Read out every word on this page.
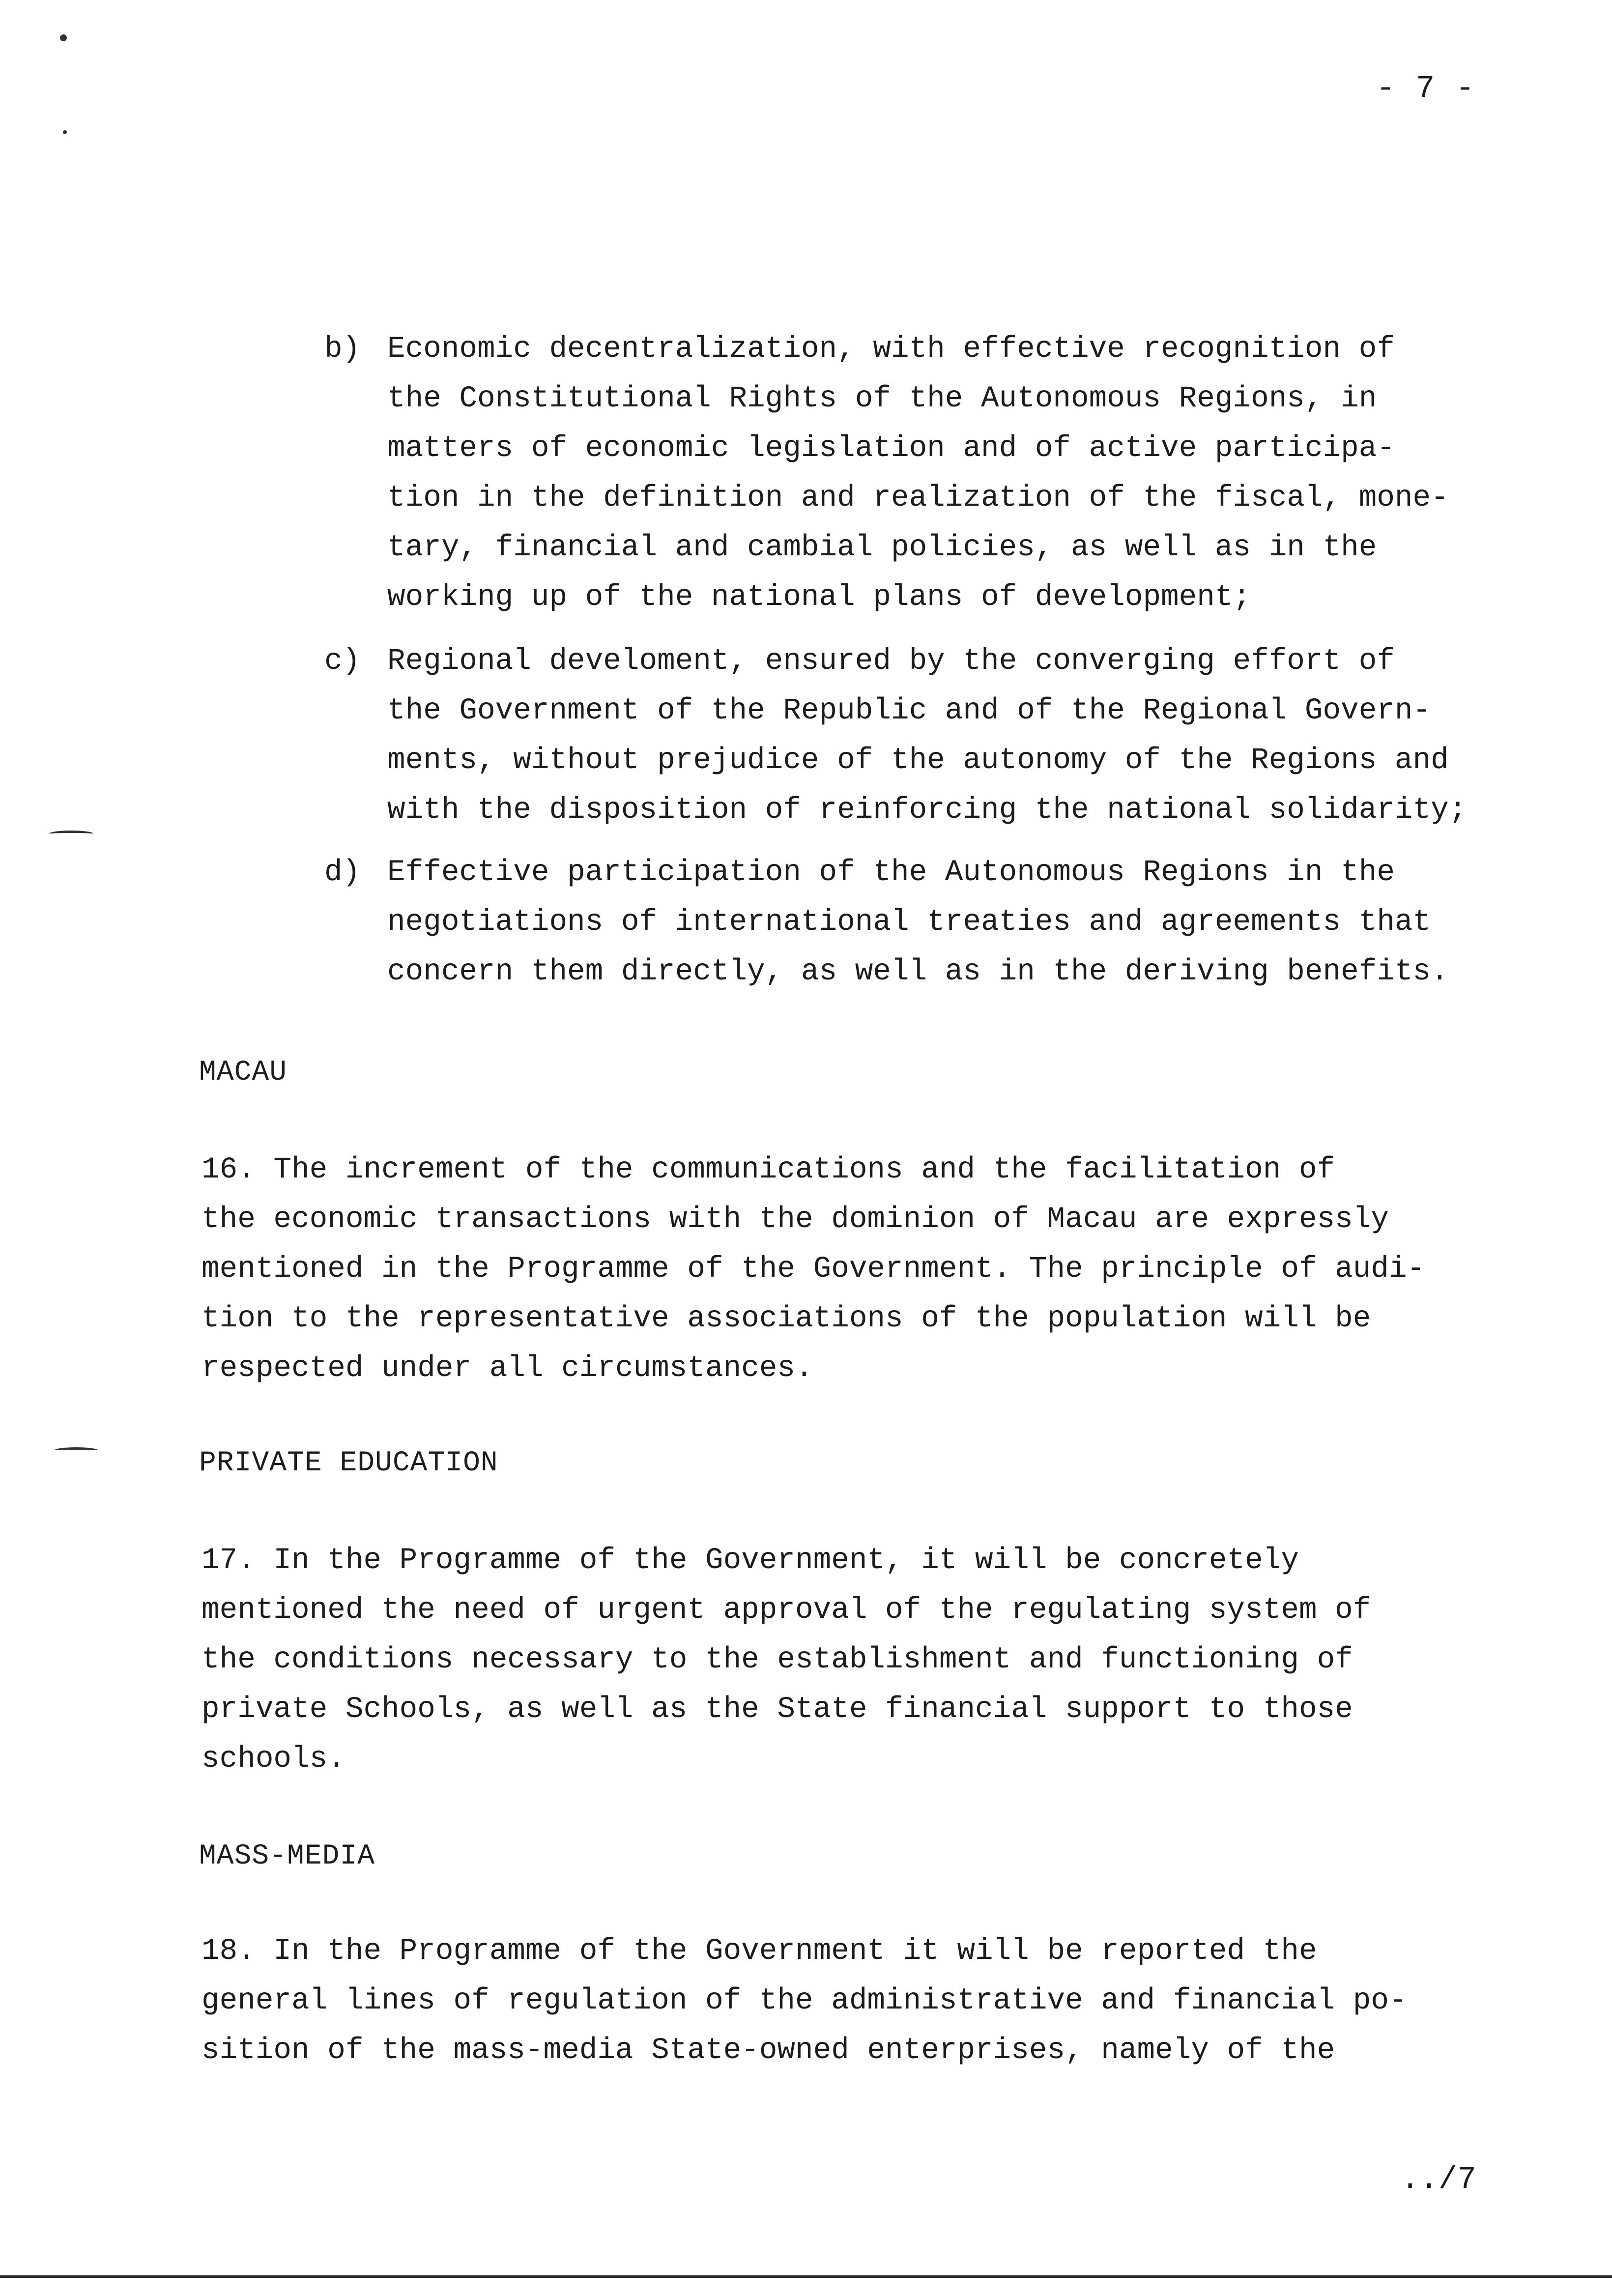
- 7 -
b) Economic decentralization, with effective recognition of
the Constitutional Rights of the Autonomous Regions, in
matters of economic legislation and of active participa-
tion in the definition and realization of the fiscal, mone-
tary, financial and cambial policies, as well as in the
working up of the national plans of development;
c) Regional develoment, ensured by the converging effort of
the Government of the Republic and of the Regional Govern-
ments, without prejudice of the autonomy of the Regions and
with the disposition of reinforcing the national solidarity;
d) Effective participation of the Autonomous Regions in the
negotiations of international treaties and agreements that
concern them directly, as well as in the deriving benefits.
MACAU
16. The increment of the communications and the facilitation of
the economic transactions with the dominion of Macau are expressly
mentioned in the Programme of the Government. The principle of audi-
tion to the representative associations of the population will be
respected under all circumstances.
PRIVATE EDUCATION
17. In the Programme of the Government, it will be concretely
mentioned the need of urgent approval of the regulating system of
the conditions necessary to the establishment and functioning of
private Schools, as well as the State financial support to those
schools.
MASS-MEDIA
18. In the Programme of the Government it will be reported the
general lines of regulation of the administrative and financial po-
sition of the mass-media State-owned enterprises, namely of the
../7
